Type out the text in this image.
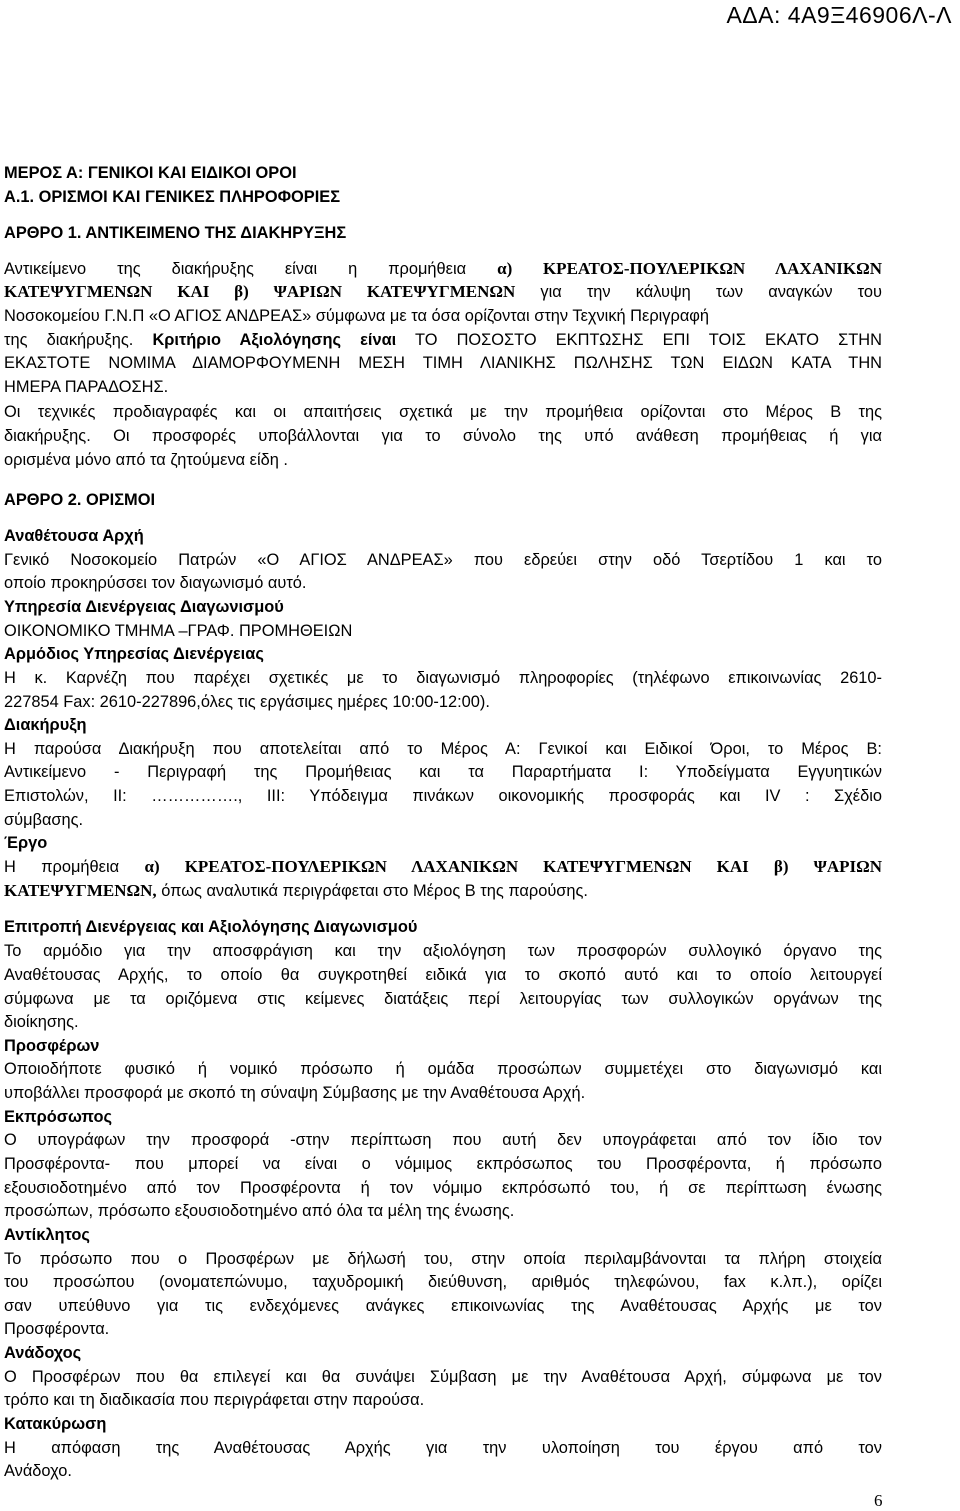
ΑΔΑ: 4Α9Ξ46906Λ-Λ
ΜΕΡΟΣ Α: ΓΕΝΙΚΟΙ ΚΑΙ ΕΙΔΙΚΟΙ ΟΡΟΙ
Α.1. ΟΡΙΣΜΟΙ ΚΑΙ ΓΕΝΙΚΕΣ ΠΛΗΡΟΦΟΡΙΕΣ
ΑΡΘΡΟ 1. ΑΝΤΙΚΕΙΜΕΝΟ ΤΗΣ ΔΙΑΚΗΡΥΞΗΣ
Αντικείμενο της διακήρυξης είναι η προμήθεια α) ΚΡΕΑΤΟΣ-ΠΟΥΛΕΡΙΚΩΝ ΛΑΧΑΝΙΚΩΝ
ΚΑΤΕΨΥΓΜΕΝΩΝ ΚΑΙ β) ΨΑΡΙΩΝ ΚΑΤΕΨΥΓΜΕΝΩΝ για την κάλυψη των αναγκών του
Νοσοκομείου Γ.Ν.Π «Ο ΑΓΙΟΣ ΑΝΔΡΕΑΣ» σύμφωνα με τα όσα ορίζονται στην Τεχνική Περιγραφή
της διακήρυξης. Κριτήριο Αξιολόγησης είναι ΤΟ ΠΟΣΟΣΤΟ ΕΚΠΤΩΣΗΣ ΕΠΙ ΤΟΙΣ ΕΚΑΤΟ ΣΤΗΝ
ΕΚΑΣΤΟΤΕ ΝΟΜΙΜΑ ΔΙΑΜΟΡΦΟΥΜΕΝΗ ΜΕΣΗ ΤΙΜΗ ΛΙΑΝΙΚΗΣ ΠΩΛΗΣΗΣ ΤΩΝ ΕΙΔΩΝ ΚΑΤΑ ΤΗΝ
ΗΜΕΡΑ ΠΑΡΑΔΟΣΗΣ.
Οι τεχνικές προδιαγραφές και οι απαιτήσεις σχετικά με την προμήθεια ορίζονται στο Μέρος Β της
διακήρυξης. Οι προσφορές υποβάλλονται για το σύνολο της υπό ανάθεση προμήθειας ή για
ορισμένα μόνο από τα ζητούμενα είδη .
ΑΡΘΡΟ 2. ΟΡΙΣΜΟΙ
Αναθέτουσα Αρχή
Γενικό Νοσοκομείο Πατρών «Ο ΑΓΙΟΣ ΑΝΔΡΕΑΣ» που εδρεύει στην οδό Τσερτίδου 1 και το
οποίο προκηρύσσει τον διαγωνισμό αυτό.
Υπηρεσία Διενέργειας Διαγωνισμού
ΟΙΚΟΝΟΜΙΚΟ ΤΜΗΜΑ –ΓΡΑΦ. ΠΡΟΜΗΘΕΙΩΝ
Αρμόδιος Υπηρεσίας Διενέργειας
Η κ. Καρνέζη που παρέχει σχετικές με το διαγωνισμό πληροφορίες (τηλέφωνο επικοινωνίας 2610-
227854 Fax: 2610-227896,όλες τις εργάσιμες ημέρες 10:00-12:00).
Διακήρυξη
Η παρούσα Διακήρυξη που αποτελείται από το Μέρος Α: Γενικοί και Ειδικοί Όροι, το Μέρος Β:
Αντικείμενο - Περιγραφή της Προμήθειας και τα Παραρτήματα Ι: Υποδείγματα Εγγυητικών
Επιστολών, ΙΙ: ……………., ΙΙΙ: Υπόδειγμα πινάκων οικονομικής προσφοράς και IV : Σχέδιο
σύμβασης.
Έργο
Η προμήθεια α) ΚΡΕΑΤΟΣ-ΠΟΥΛΕΡΙΚΩΝ ΛΑΧΑΝΙΚΩΝ ΚΑΤΕΨΥΓΜΕΝΩΝ ΚΑΙ β) ΨΑΡΙΩΝ
ΚΑΤΕΨΥΓΜΕΝΩΝ, όπως αναλυτικά περιγράφεται στο Μέρος Β της παρούσης.
Επιτροπή Διενέργειας και Αξιολόγησης Διαγωνισμού
Το αρμόδιο για την αποσφράγιση και την αξιολόγηση των προσφορών συλλογικό όργανο της
Αναθέτουσας Αρχής, το οποίο θα συγκροτηθεί ειδικά για το σκοπό αυτό και το οποίο λειτουργεί
σύμφωνα με τα οριζόμενα στις κείμενες διατάξεις περί λειτουργίας των συλλογικών οργάνων της
διοίκησης.
Προσφέρων
Οποιοδήποτε φυσικό ή νομικό πρόσωπο ή ομάδα προσώπων συμμετέχει στο διαγωνισμό και
υποβάλλει προσφορά με σκοπό τη σύναψη Σύμβασης με την Αναθέτουσα Αρχή.
Εκπρόσωπος
Ο υπογράφων την προσφορά -στην περίπτωση που αυτή δεν υπογράφεται από τον ίδιο τον
Προσφέροντα- που μπορεί να είναι ο νόμιμος εκπρόσωπος του Προσφέροντα, ή πρόσωπο
εξουσιοδοτημένο από τον Προσφέροντα ή τον νόμιμο εκπρόσωπό του, ή σε περίπτωση ένωσης
προσώπων, πρόσωπο εξουσιοδοτημένο από όλα τα μέλη της ένωσης.
Αντίκλητος
Το πρόσωπο που ο Προσφέρων με δήλωσή του, στην οποία περιλαμβάνονται τα πλήρη στοιχεία
του προσώπου (ονοματεπώνυμο, ταχυδρομική διεύθυνση, αριθμός τηλεφώνου, fax κ.λπ.), ορίζει
σαν υπεύθυνο για τις ενδεχόμενες ανάγκες επικοινωνίας της Αναθέτουσας Αρχής με τον
Προσφέροντα.
Ανάδοχος
Ο Προσφέρων που θα επιλεγεί και θα συνάψει Σύμβαση με την Αναθέτουσα Αρχή, σύμφωνα με τον
τρόπο και τη διαδικασία που περιγράφεται στην παρούσα.
Κατακύρωση
Η απόφαση της Αναθέτουσας Αρχής για την υλοποίηση του έργου από τον
Ανάδοχο.
6
